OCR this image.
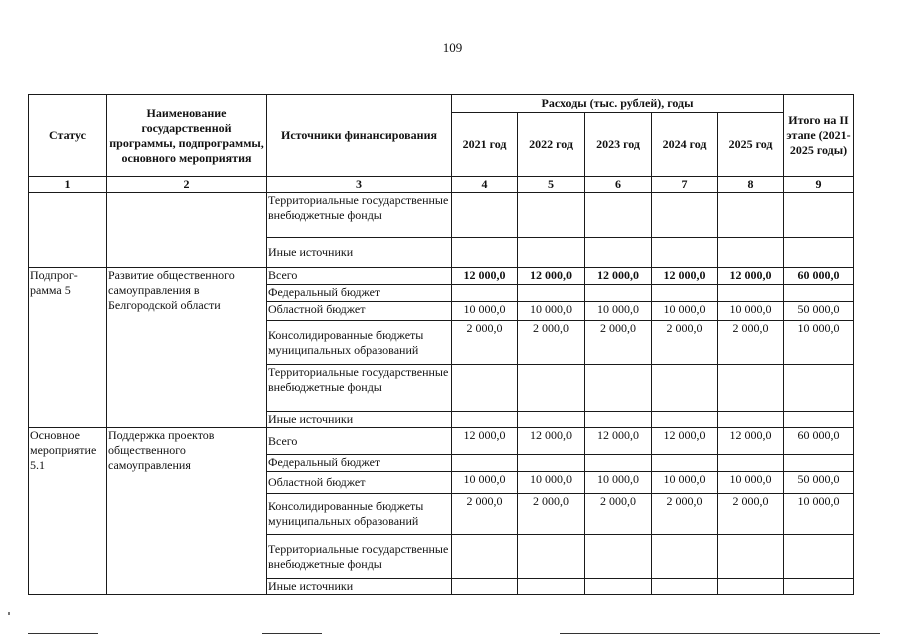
109
Статус	Наименование государственной программы, подпрограммы, основного мероприятия	Источники финансирования	Расходы (тыс. рублей), годы					Итого на II этапе (2021-2025 годы)
			2021 год	2022 год	2023 год	2024 год	2025 год	
1	2	3	4	5	6	7	8	9
		Территориальные государственные внебюджетные фонды						
		Иные источники						
Подпрог-рамма 5	Развитие общественного самоуправления в Белгородской области	Всего	12 000,0	12 000,0	12 000,0	12 000,0	12 000,0	60 000,0
		Федеральный бюджет						
		Областной бюджет	10 000,0	10 000,0	10 000,0	10 000,0	10 000,0	50 000,0
		Консолидированные бюджеты муниципальных образований	2 000,0	2 000,0	2 000,0	2 000,0	2 000,0	10 000,0
		Территориальные государственные внебюджетные фонды						
		Иные источники						
Основное мероприятие 5.1	Поддержка проектов общественного самоуправления	Всего	12 000,0	12 000,0	12 000,0	12 000,0	12 000,0	60 000,0
		Федеральный бюджет						
		Областной бюджет	10 000,0	10 000,0	10 000,0	10 000,0	10 000,0	50 000,0
		Консолидированные бюджеты муниципальных образований	2 000,0	2 000,0	2 000,0	2 000,0	2 000,0	10 000,0
		Территориальные государственные внебюджетные фонды						
		Иные источники						
